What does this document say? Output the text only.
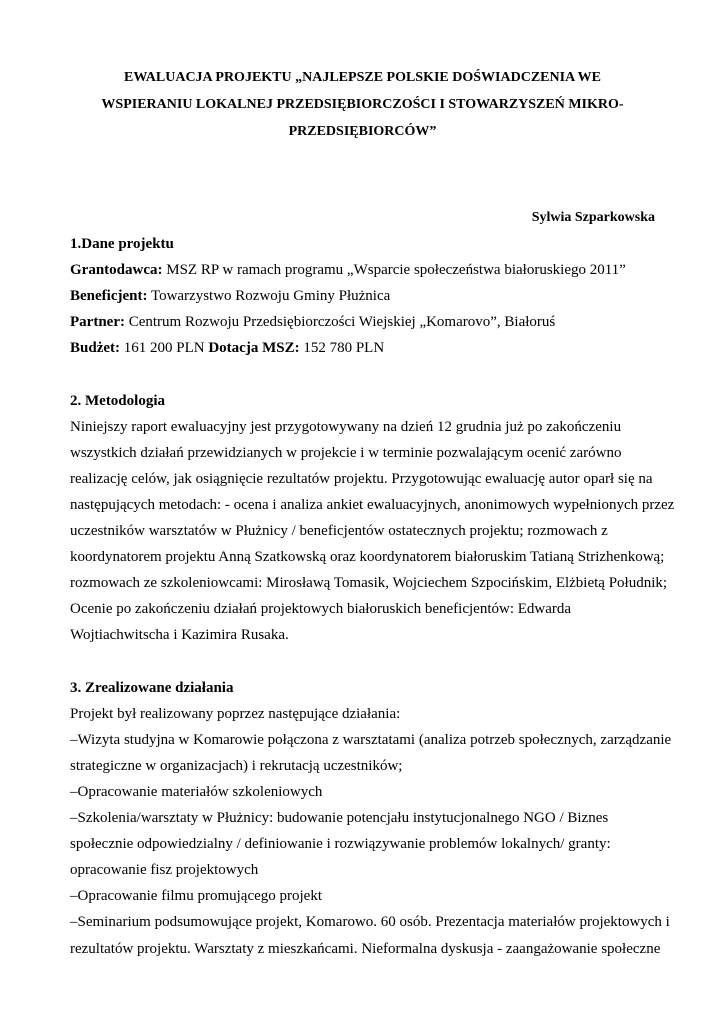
EWALUACJA PROJEKTU „NAJLEPSZE POLSKIE DOŚWIADCZENIA WE
WSPIERANIU LOKALNEJ PRZEDSIĘBIORCZOŚCI I STOWARZYSZEŃ MIKRO-
PRZEDSIĘBIORCÓW”
Sylwia Szparkowska
1.Dane projektu
Grantodawca: MSZ RP w ramach programu „Wsparcie społeczeństwa białoruskiego 2011”
Beneficjent: Towarzystwo Rozwoju Gminy Płużnica
Partner: Centrum Rozwoju Przedsiębiorczości Wiejskiej „Komarovo”, Białoruś
Budżet: 161 200 PLN Dotacja MSZ: 152 780 PLN
2. Metodologia
Niniejszy raport ewaluacyjny jest przygotowywany na dzień 12 grudnia już po zakończeniu
wszystkich działań przewidzianych w projekcie i w terminie pozwalającym ocenić zarówno
realizację celów, jak osiągnięcie rezultatów projektu. Przygotowując ewaluację autor oparł się na
następujących metodach: - ocena i analiza ankiet ewaluacyjnych, anonimowych wypełnionych przez
uczestników warsztatów w Płużnicy / beneficjentów ostatecznych projektu; rozmowach z
koordynatorem projektu Anną Szatkowską oraz koordynatorem białoruskim Tatianą Strizhenkową;
rozmowach ze szkoleniowcami: Mirosławą Tomasik, Wojciechem Szpocińskim, Elżbietą Południk;
Ocenie po zakończeniu działań projektowych białoruskich beneficjentów: Edwarda
Wojtiachwitscha i Kazimira Rusaka.
3. Zrealizowane działania
Projekt był realizowany poprzez następujące działania:
–Wizyta studyjna w Komarowie połączona z warsztatami (analiza potrzeb społecznych, zarządzanie
strategiczne w organizacjach) i rekrutacją uczestników;
–Opracowanie materiałów szkoleniowych
–Szkolenia/warsztaty w Płużnicy: budowanie potencjału instytucjonalnego NGO / Biznes
społecznie odpowiedzialny / definiowanie i rozwiązywanie problemów lokalnych/ granty:
opracowanie fisz projektowych
–Opracowanie filmu promującego projekt
–Seminarium podsumowujące projekt, Komarowo. 60 osób. Prezentacja materiałów projektowych i
rezultatów projektu. Warsztaty z mieszkańcami. Nieformalna dyskusja - zaangażowanie społeczne
